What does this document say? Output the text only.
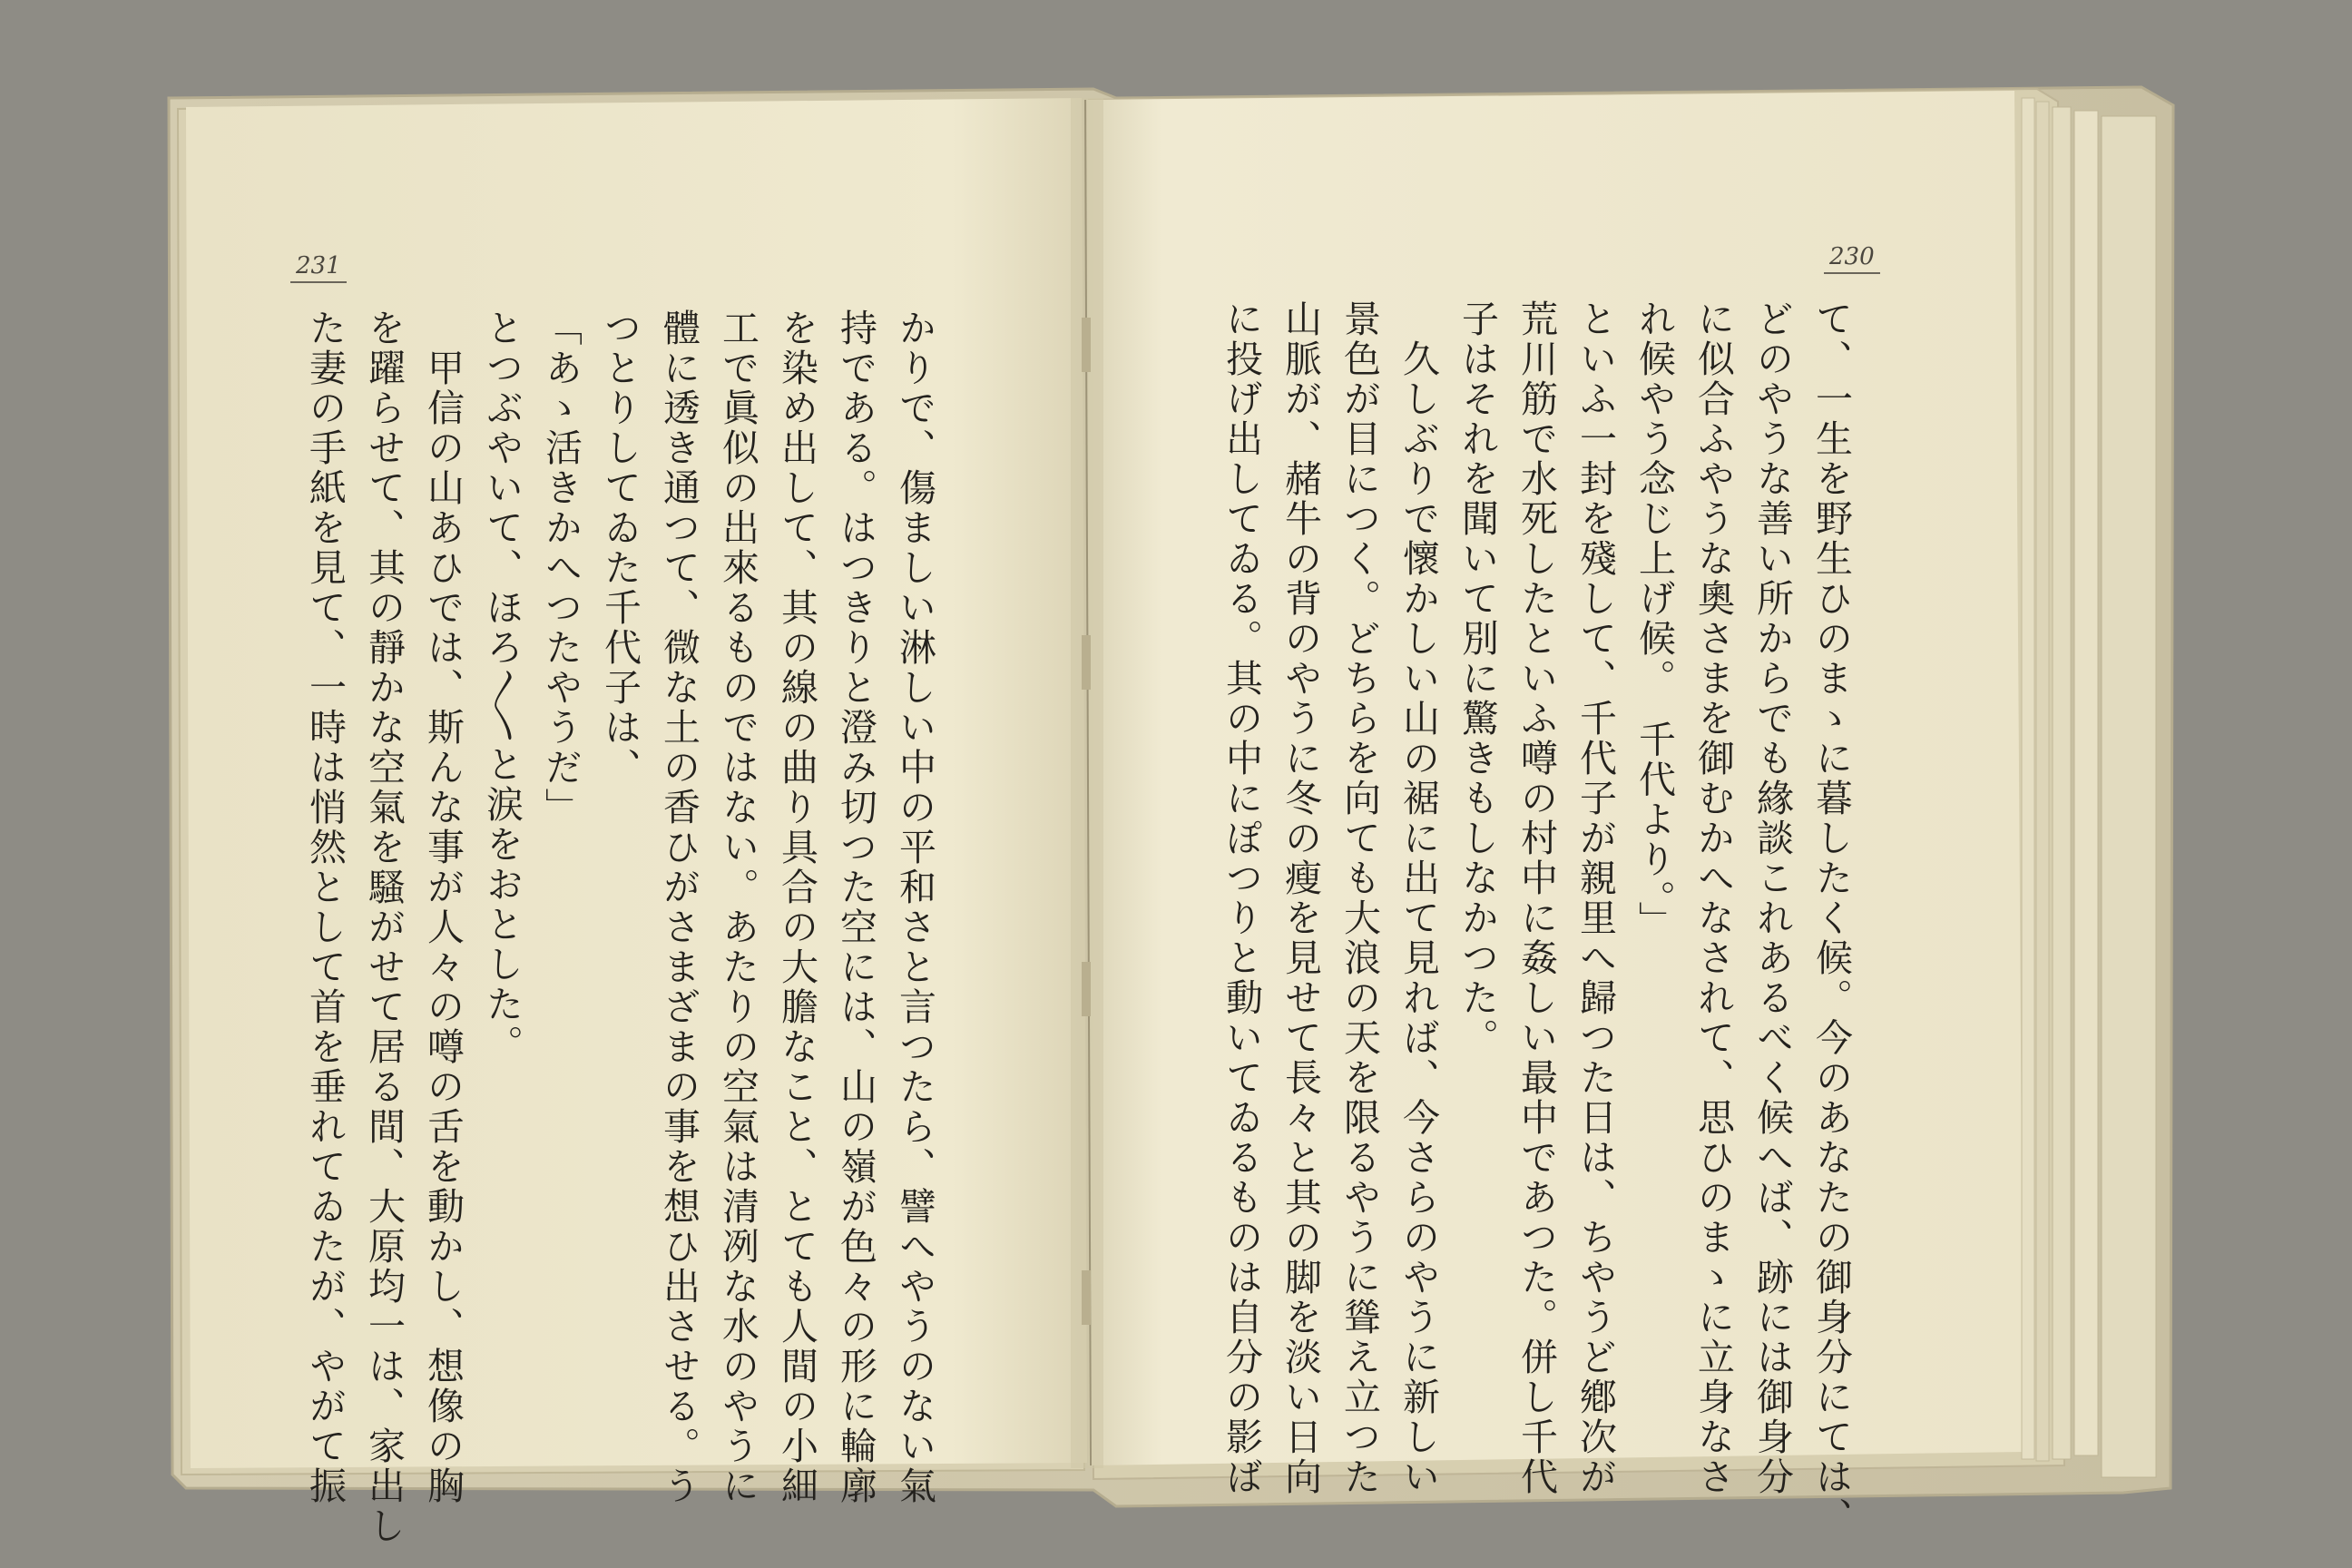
231	230
て、一生を野生ひのまゝに暮したく候。今のあなたの御身分にては、
どのやうな善い所からでも緣談これあるべく候へば、跡には御身分
に似合ふやうな奧さまを御むかへなされて、思ひのまゝに立身なさ
れ候やう念じ上げ候。　千代より。」
といふ一封を殘して、千代子が親里へ歸つた日は、ちやうど鄕次が
荒川筋で水死したといふ噂の村中に姦しい最中であつた。併し千代
子はそれを聞いて別に驚きもしなかつた。
　久しぶりで懷かしい山の裾に出て見れば、今さらのやうに新しい
景色が目につく。どちらを向ても大浪の天を限るやうに聳え立つた
山脈が、赭牛の背のやうに冬の瘦を見せて長々と其の脚を淡い日向
に投げ出してゐる。其の中にぽつりと動いてゐるものは自分の影ば
かりで、傷ましい淋しい中の平和さと言つたら、譬へやうのない氣
持である。はつきりと澄み切つた空には、山の嶺が色々の形に輪廓
を染め出して、其の線の曲り具合の大膽なこと、とても人間の小細
工で眞似の出來るものではない。あたりの空氣は清冽な水のやうに
體に透き通つて、微な土の香ひがさまざまの事を想ひ出させる。う
つとりしてゐた千代子は、
「あゝ活きかへつたやうだ」
とつぶやいて、ほろ〳〵と涙をおとした。
　甲信の山あひでは、斯んな事が人々の噂の舌を動かし、想像の胸
を躍らせて、其の靜かな空氣を騷がせて居る間、大原均一は、家出し
た妻の手紙を見て、一時は悄然として首を垂れてゐたが、やがて振
